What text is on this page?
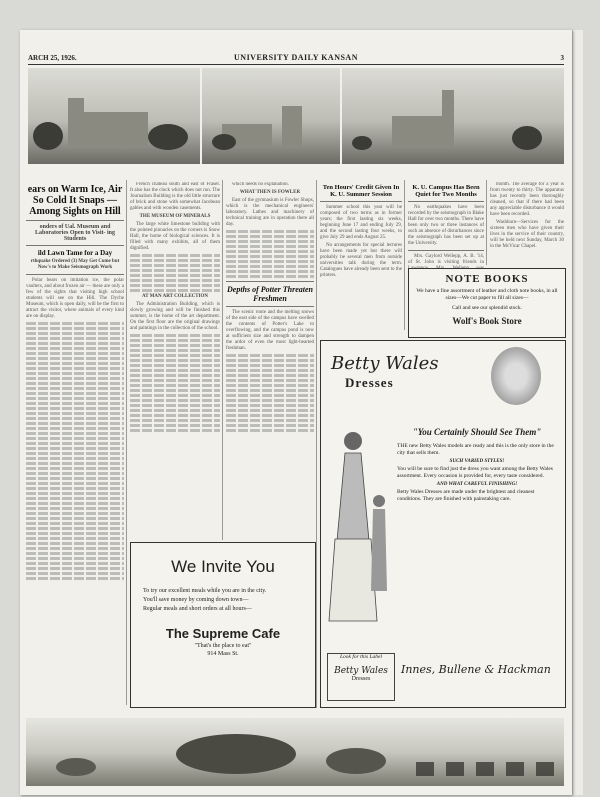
ARCH 25, 1926.	UNIVERSITY DAILY KANSAN	3
ears on Warm Ice, Air So Cold It Snaps — Among Sights on Hill
onders of Ual. Museum and Laboratories Open to Visit- ing Students
ild Lawn Tame for a Day
rthquake Ordered (3) May Get Come but Now's to Make Seismograph Work

Polar bears on imitation ice, the polar vaulters, and about frozen air — these are only a few of the sights that visiting high school students will see on the Hill. The Dyche Museum, which is open daily, will be the first to attract the visitor, where animals of every kind are on display.

French chateau south and east of Fraser. It also has the clock which does not run. The Journalism Building is the old little structure of brick and stone with somewhat Jacobean gables and with wooden casements.

THE MUSEUM OF MINERALS

The large white limestone building with the pointed pinnacles on the corners is Snow Hall, the home of biological sciences. It is filled with many exhibits, all of them dignified.

AT MAN ART COLLECTION

The Administration Building, which is slowly growing and will be finished this summer, is the home of the art department. On the first floor are the original drawings and paintings in the collection of the school.

which needs no explanation.

WHAT THEN IS FOWLER

East of the gymnasium is Fowler Shops, which is the mechanical engineers' laboratory. Lathes and machinery of technical training are in operation there all day.

Depths of Potter Threaten Freshmen

The scenic route and the melting snows of the east side of the campus have swelled the contents of Potter's Lake to overflowing, and the campus pond is now at sufficient size and strength to dampen the ardor of even the most light-hearted freshman.

Ten Hours' Credit Given In K. U. Summer Session

Summer school this year will be composed of two terms as in former years; the first lasting six weeks, beginning June 17 and ending July 29, and the second lasting four weeks, to give July 29 and ends August 25.

No arrangements for special lectures have been made yet but there will probably be several men from outside universities talk during the term. Catalogues have already been sent to the printers.

K. U. Campus Has Been Quiet for Two Months

No earthquakes have been recorded by the seismograph in Blake Hall for over two months. There have been only two or three instances of such an absence of disturbances since the seismograph has been set up at the University.

Mrs. Gaylord Wellepp, A. B. '14, of St. John is visiting friends in

month. The average for a year is from twenty to thirty. The apparatus has just recently been thoroughly cleaned, so that if there had been any appreciable disturbance it would have been recorded.

Washburn—Services for the sixteen men who have given their lives in the service of their country, will be held next Sunday, March 30 in the McVicar Chapel.

NOTE BOOKS
We have a fine assortment of leather and cloth note books, in all sizes—We cut paper to fill all sizes—
Call and see our splendid stock.
Wolf's Book Store
Betty Wales
Dresses
"You Certainly Should See Them"
THE new Betty Wales models are ready and this is the only store in the city that sells them.
SUCH VARIED STYLES!
You will be sure to find just the dress you want among the Betty Wales assortment. Every occasion is provided for, every taste considered.
AND WHAT CAREFUL FINISHING!
Betty Wales Dresses are made under the brightest and cleanest conditions. They are finished with painstaking care.
Look for this Label
Betty Wales
Dresses
Innes, Bullene & Hackman
We Invite You
To try our excellent meals while you are in the city.
You'll save money by coming down town—
Regular meals and short orders at all hours—
The Supreme Cafe
"That's the place to eat"
914 Mass St.
